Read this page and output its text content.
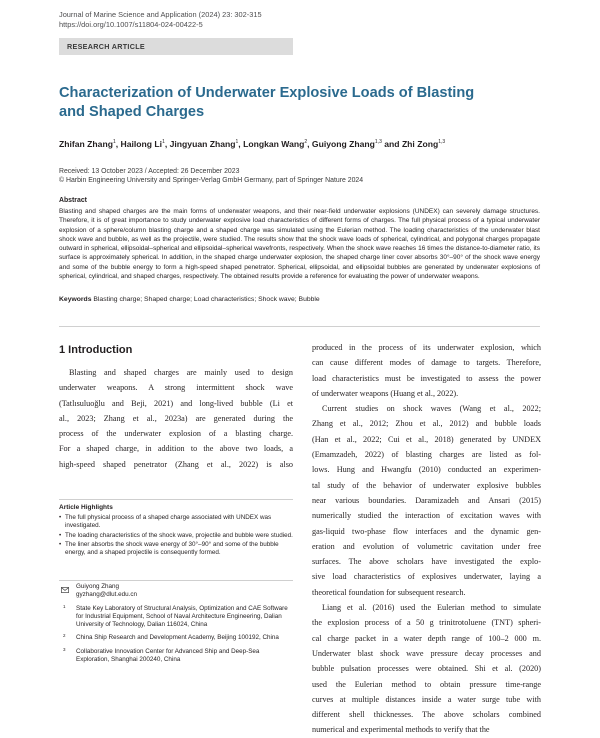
Journal of Marine Science and Application (2024) 23: 302-315
https://doi.org/10.1007/s11804-024-00422-5
RESEARCH ARTICLE
Characterization of Underwater Explosive Loads of Blasting and Shaped Charges
Zhifan Zhang$^1$, Hailong Li$^1$, Jingyuan Zhang$^1$, Longkan Wang$^2$, Guiyong Zhang$^{1,3}$ and Zhi Zong$^{1,3}$
Received: 13 October 2023 / Accepted: 26 December 2023
© Harbin Engineering University and Springer-Verlag GmbH Germany, part of Springer Nature 2024
Abstract
Blasting and shaped charges are the main forms of underwater weapons, and their near-field underwater explosions (UNDEX) can severely damage structures. Therefore, it is of great importance to study underwater explosive load characteristics of different forms of charges. The full physical process of a typical underwater explosion of a sphere/column blasting charge and a shaped charge was simulated using the Eulerian method. The loading characteristics of the underwater blast shock wave and bubble, as well as the projectile, were studied. The results show that the shock wave loads of spherical, cylindrical, and polygonal charges propagate outward in spherical, ellipsoidal–spherical and ellipsoidal–spherical wavefronts, respectively. When the shock wave reaches 16 times the distance-to-diameter ratio, its surface is approximately spherical. In addition, in the shaped charge underwater explosion, the shaped charge liner cover absorbs 30°–90° of the shock wave energy and some of the bubble energy to form a high-speed shaped penetrator. Spherical, ellipsoidal, and ellipsoidal bubbles are generated by underwater explosions of spherical, cylindrical, and shaped charges, respectively. The obtained results provide a reference for evaluating the power of underwater weapons.
Keywords Blasting charge; Shaped charge; Load characteristics; Shock wave; Bubble
1 Introduction
Blasting and shaped charges are mainly used to design
underwater weapons. A strong intermittent shock wave
(Tatlısuluoğlu and Beji, 2021) and long-lived bubble (Li et
al., 2023; Zhang et al., 2023a) are generated during the
process of the underwater explosion of a blasting charge.
For a shaped charge, in addition to the above two loads, a
high-speed shaped penetrator (Zhang et al., 2022) is also
produced in the process of its underwater explosion, which
can cause different modes of damage to targets. Therefore,
load characteristics must be investigated to assess the power
of underwater weapons (Huang et al., 2022).
Current studies on shock waves (Wang et al., 2022;
Zhang et al., 2012; Zhou et al., 2012) and bubble loads
(Han et al., 2022; Cui et al., 2018) generated by UNDEX
(Emamzadeh, 2022) of blasting charges are listed as fol-
lows. Hung and Hwangfu (2010) conducted an experimen-
tal study of the behavior of underwater explosive bubbles
near various boundaries. Daramizadeh and Ansari (2015)
numerically studied the interaction of excitation waves with
gas-liquid two-phase flow interfaces and the dynamic gen-
eration and evolution of volumetric cavitation under free
surfaces. The above scholars have investigated the explo-
sive load characteristics of explosives underwater, laying a
theoretical foundation for subsequent research.
Liang et al. (2016) used the Eulerian method to simulate
the explosion process of a 50 g trinitrotoluene (TNT) spheri-
cal charge packet in a water depth range of 100–2 000 m.
Underwater blast shock wave pressure decay processes and
bubble pulsation processes were obtained. Shi et al. (2020)
used the Eulerian method to obtain pressure time-range
curves at multiple distances inside a water surge tube with
different shell thicknesses. The above scholars combined
numerical and experimental methods to verify that the
Article Highlights
• The full physical process of a shaped charge associated with UNDEX was investigated.
• The loading characteristics of the shock wave, projectile and bubble were studied.
• The liner absorbs the shock wave energy of 30°–90° and some of the bubble energy, and a shaped projectile is consequently formed.
Guiyong Zhang
gyzhang@dlut.edu.cn
1 State Key Laboratory of Structural Analysis, Optimization and CAE Software for Industrial Equipment, School of Naval Architecture Engineering, Dalian University of Technology, Dalian 116024, China
2 China Ship Research and Development Academy, Beijing 100192, China
3 Collaborative Innovation Center for Advanced Ship and Deep-Sea Exploration, Shanghai 200240, China
